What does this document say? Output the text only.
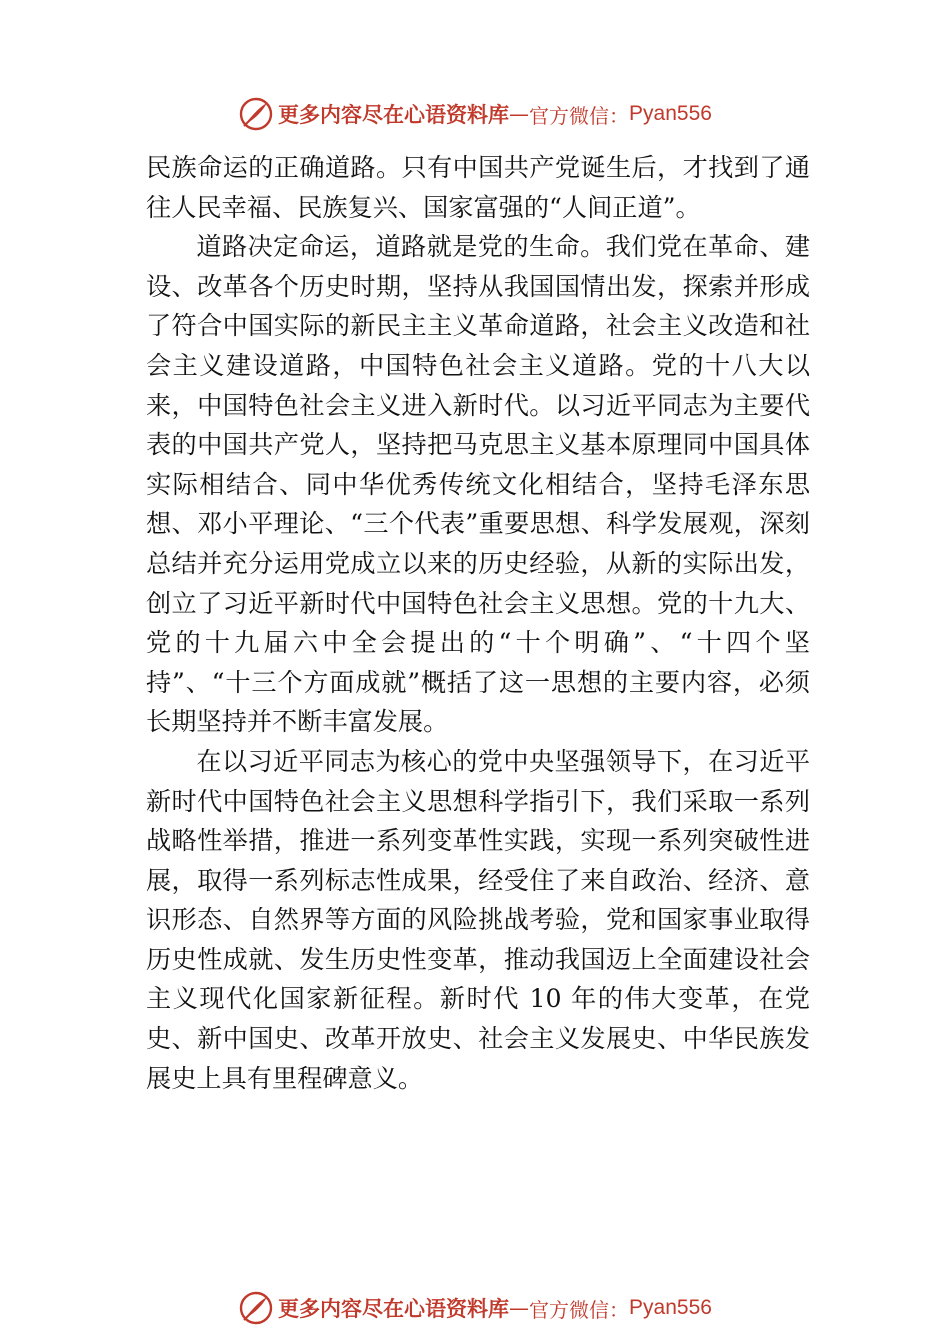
更多内容尽在心语资料库 — 官方微信： Pyan556

民族命运的正确道路。只有中国共产党诞生后，才找到了通往人民幸福、民族复兴、国家富强的“人间正道”。

道路决定命运，道路就是党的生命。我们党在革命、建设、改革各个历史时期，坚持从我国国情出发，探索并形成了符合中国实际的新民主主义革命道路，社会主义改造和社会主义建设道路，中国特色社会主义道路。党的十八大以来，中国特色社会主义进入新时代。以习近平同志为主要代表的中国共产党人，坚持把马克思主义基本原理同中国具体实际相结合、同中华优秀传统文化相结合，坚持毛泽东思想、邓小平理论、“三个代表”重要思想、科学发展观，深刻总结并充分运用党成立以来的历史经验，从新的实际出发，创立了习近平新时代中国特色社会主义思想。党的十九大、党的十九届六中全会提出的“十个明确”、“十四个坚持”、“十三个方面成就”概括了这一思想的主要内容，必须长期坚持并不断丰富发展。

在以习近平同志为核心的党中央坚强领导下，在习近平新时代中国特色社会主义思想科学指引下，我们采取一系列战略性举措，推进一系列变革性实践，实现一系列突破性进展，取得一系列标志性成果，经受住了来自政治、经济、意识形态、自然界等方面的风险挑战考验，党和国家事业取得历史性成就、发生历史性变革，推动我国迈上全面建设社会主义现代化国家新征程。新时代 10 年的伟大变革，在党史、新中国史、改革开放史、社会主义发展史、中华民族发展史上具有里程碑意义。

更多内容尽在心语资料库 — 官方微信： Pyan556
